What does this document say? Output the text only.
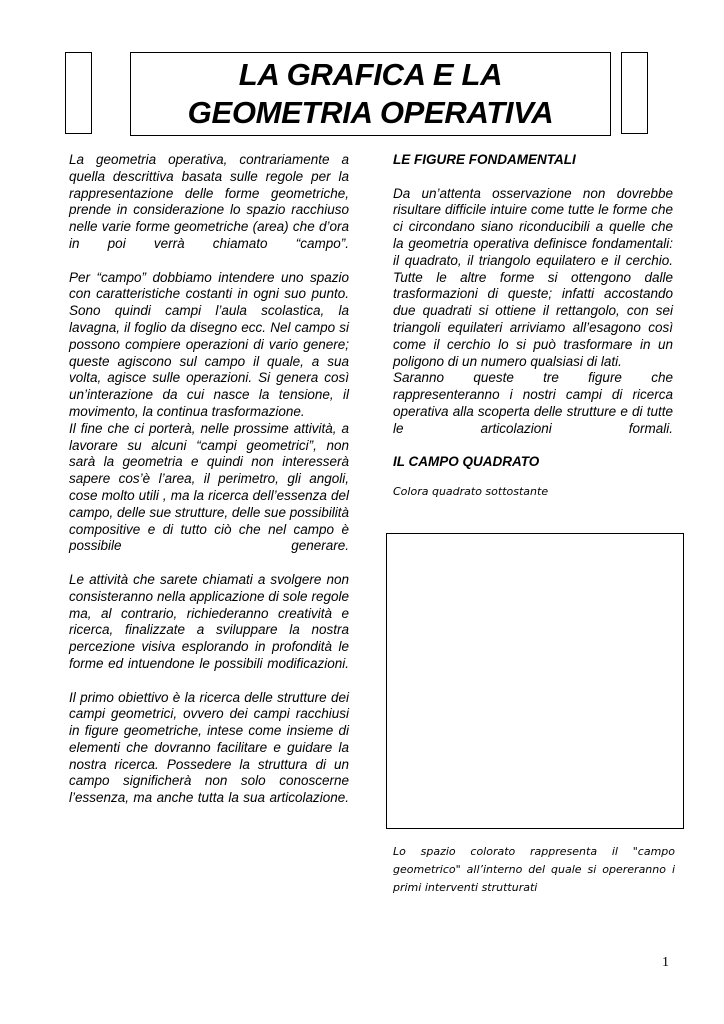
LA GRAFICA E LA
GEOMETRIA OPERATIVA

La geometria operativa, contrariamente a quella descrittiva basata sulle regole per la rappresentazione delle forme geometriche, prende in considerazione lo spazio racchiuso nelle varie forme geometriche (area) che d’ora in poi verrà chiamato “campo”.

Per “campo” dobbiamo intendere uno spazio con caratteristiche costanti in ogni suo punto. Sono quindi campi l’aula scolastica, la lavagna, il foglio da disegno ecc. Nel campo si possono compiere operazioni di vario genere; queste agiscono sul campo il quale, a sua volta, agisce sulle operazioni. Si genera così un’interazione da cui nasce la tensione, il movimento, la continua trasformazione.

Il fine che ci porterà, nelle prossime attività, a lavorare su alcuni “campi geometrici”, non sarà la geometria e quindi non interesserà sapere cos’è l’area, il perimetro, gli angoli, cose molto utili , ma la ricerca dell’essenza del campo, delle sue strutture, delle sue possibilità compositive e di tutto ciò che nel campo è possibile generare.

Le attività che sarete chiamati a svolgere non consisteranno nella applicazione di sole regole ma, al contrario, richiederanno creatività e ricerca, finalizzate a sviluppare la nostra percezione visiva esplorando in profondità le forme ed intuendone le possibili modificazioni.

Il primo obiettivo è la ricerca delle strutture dei campi geometrici, ovvero dei campi racchiusi in figure geometriche, intese come insieme di elementi che dovranno facilitare e guidare la nostra ricerca. Possedere la struttura di un campo significherà non solo conoscerne l’essenza, ma anche tutta la sua articolazione.

LE FIGURE FONDAMENTALI

Da un’attenta osservazione non dovrebbe risultare difficile intuire come tutte le forme che ci circondano siano riconducibili a quelle che la geometria operativa definisce fondamentali: il quadrato, il triangolo equilatero e il cerchio. Tutte le altre forme si ottengono dalle trasformazioni di queste; infatti accostando due quadrati si ottiene il rettangolo, con sei triangoli equilateri arriviamo all’esagono così come il cerchio lo si può trasformare in un poligono di un numero qualsiasi di lati.

Saranno queste tre figure che rappresenteranno i nostri campi di ricerca operativa alla scoperta delle strutture e di tutte le articolazioni formali.

IL CAMPO QUADRATO

Colora quadrato sottostante

Lo spazio colorato rappresenta il "campo geometrico" all’interno del quale si opereranno i primi interventi strutturati

1
